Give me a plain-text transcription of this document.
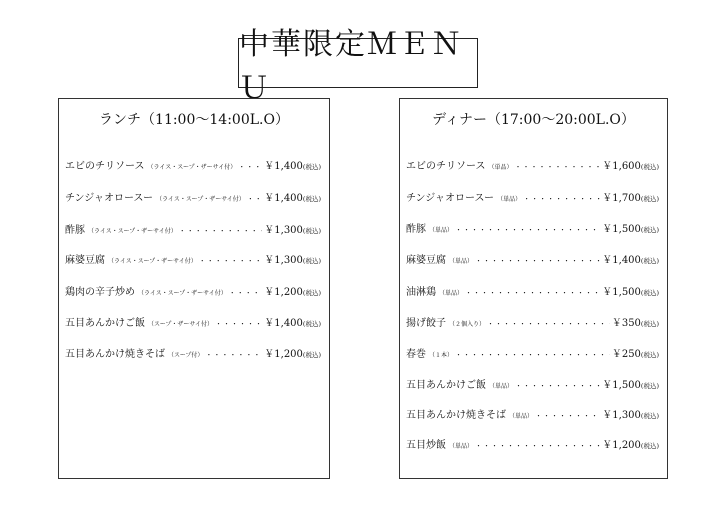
中華限定ＭＥＮＵ
ランチ（11:00～14:00L.O）
エビのチリソース （ライス・スープ・ザーサイ付） ・・・・・・・・・・・・・・・・・・・・・・・・・・・・・・・・・・・・・・・・・・・・・・・・・・	￥1,400 (税込)
チンジャオロースー （ライス・スープ・ザーサイ付） ・・・・・・・・・・・・・・・・・・・・・・・・・・・・・・・・・・・・・・・・・・・・・・・・・・ ￥1,400 (税込)
酢豚 （ライス・スープ・ザーサイ付） ・・・・・・・・・・・・・・・・・・・・・・・・・・・・・・・・・・・・・・・・・・・・・・・・・・	￥1,300 (税込)
麻婆豆腐 （ライス・スープ・ザーサイ付） ・・・・・・・・・・・・・・・・・・・・・・・・・・・・・・・・・・・・・・・・・・・・・・・・・・	￥1,300 (税込)
鶏肉の辛子炒め （ライス・スープ・ザーサイ付） ・・・・・・・・・・・・・・・・・・・・・・・・・・・・・・・・・・・・・・・・・・・・・・・・・・	￥1,200 (税込)
五目あんかけご飯 （スープ・ザーサイ付） ・・・・・・・・・・・・・・・・・・・・・・・・・・・・・・・・・・・・・・・・・・・・・・・・・・	￥1,400 (税込)
五目あんかけ焼きそば （スープ付） ・・・・・・・・・・・・・・・・・・・・・・・・・・・・・・・・・・・・・・・・・・・・・・・・・・	￥1,200 (税込)
ディナー（17:00～20:00L.O）
エビのチリソース （単品） ・・・・・・・・・・・・・・・・・・・・・・・・・・・・・・・・・・・・・・・・・・・・・・・・・・	￥1,600 (税込)
チンジャオロースー （単品） ・・・・・・・・・・・・・・・・・・・・・・・・・・・・・・・・・・・・・・・・・・・・・・・・・・	￥1,700 (税込)
酢豚 （単品） ・・・・・・・・・・・・・・・・・・・・・・・・・・・・・・・・・・・・・・・・・・・・・・・・・・	￥1,500 (税込)
麻婆豆腐 （単品） ・・・・・・・・・・・・・・・・・・・・・・・・・・・・・・・・・・・・・・・・・・・・・・・・・・	￥1,400 (税込)
油淋鶏 （単品） ・・・・・・・・・・・・・・・・・・・・・・・・・・・・・・・・・・・・・・・・・・・・・・・・・・	￥1,500 (税込)
揚げ餃子 （２個入り） ・・・・・・・・・・・・・・・・・・・・・・・・・・・・・・・・・・・・・・・・・・・・・・・・・・	￥350 (税込)
春巻 （１本） ・・・・・・・・・・・・・・・・・・・・・・・・・・・・・・・・・・・・・・・・・・・・・・・・・・	￥250 (税込)
五目あんかけご飯 （単品） ・・・・・・・・・・・・・・・・・・・・・・・・・・・・・・・・・・・・・・・・・・・・・・・・・・	￥1,500 (税込)
五目あんかけ焼きそば （単品） ・・・・・・・・・・・・・・・・・・・・・・・・・・・・・・・・・・・・・・・・・・・・・・・・・・	￥1,300 (税込)
五目炒飯 （単品） ・・・・・・・・・・・・・・・・・・・・・・・・・・・・・・・・・・・・・・・・・・・・・・・・・・	￥1,200 (税込)
